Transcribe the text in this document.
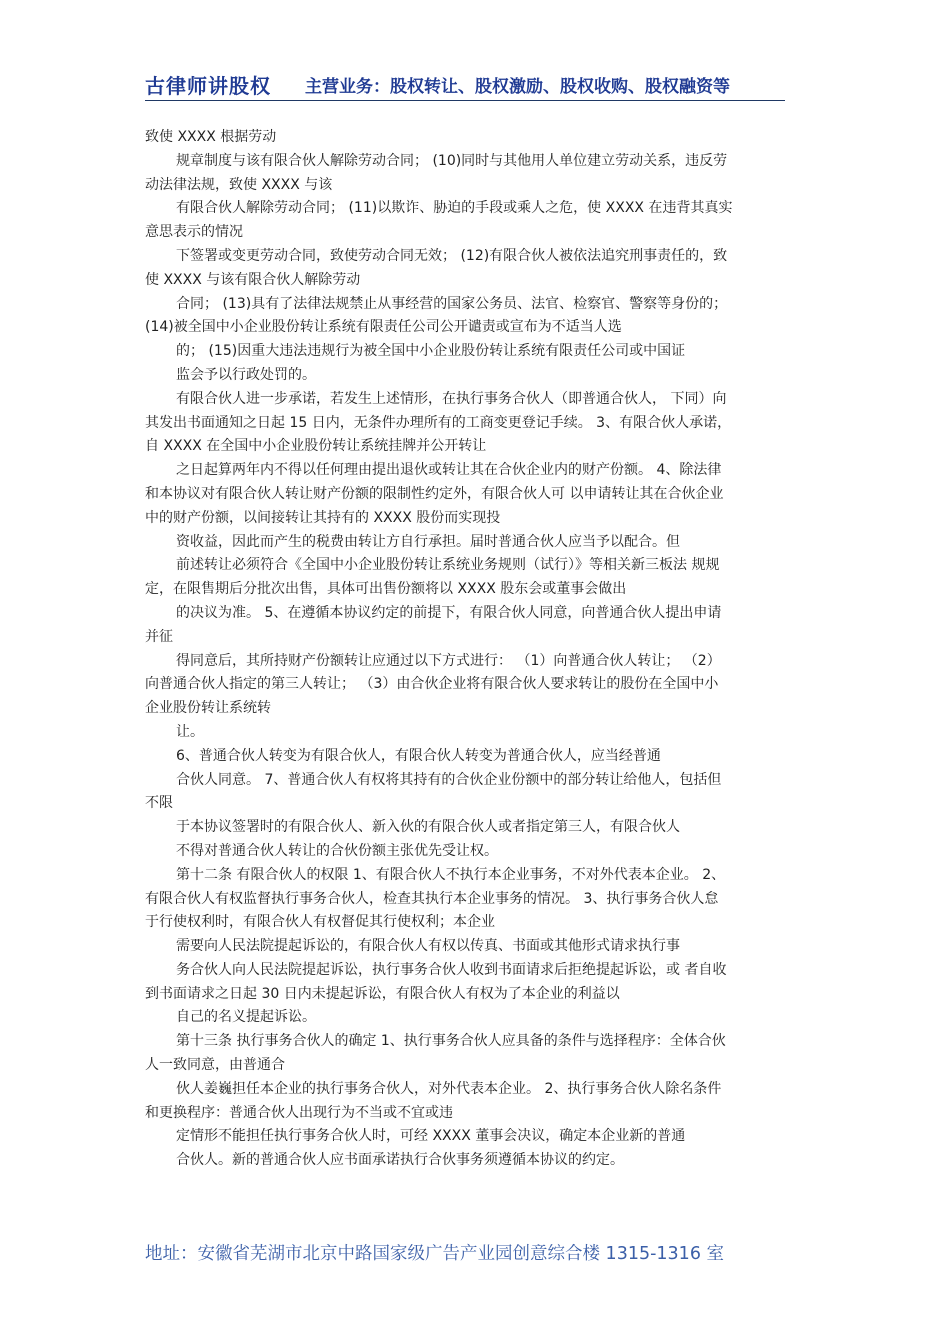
古律师讲股权 主营业务：股权转让、股权激励、股权收购、股权融资等

致使 XXXX 根据劳动

规章制度与该有限合伙人解除劳动合同； (10)同时与其他用人单位建立劳动关系，违反劳

动法律法规，致使 XXXX 与该

有限合伙人解除劳动合同； (11)以欺诈、胁迫的手段或乘人之危，使 XXXX 在违背其真实

意思表示的情况

下签署或变更劳动合同，致使劳动合同无效； (12)有限合伙人被依法追究刑事责任的，致

使 XXXX 与该有限合伙人解除劳动

合同； (13)具有了法律法规禁止从事经营的国家公务员、法官、检察官、警察等身份的；

(14)被全国中小企业股份转让系统有限责任公司公开谴责或宣布为不适当人选

的； (15)因重大违法违规行为被全国中小企业股份转让系统有限责任公司或中国证

监会予以行政处罚的。

有限合伙人进一步承诺，若发生上述情形，在执行事务合伙人（即普通合伙人， 下同）向

其发出书面通知之日起 15 日内，无条件办理所有的工商变更登记手续。 3、有限合伙人承诺，

自 XXXX 在全国中小企业股份转让系统挂牌并公开转让

之日起算两年内不得以任何理由提出退伙或转让其在合伙企业内的财产份额。 4、除法律

和本协议对有限合伙人转让财产份额的限制性约定外，有限合伙人可 以申请转让其在合伙企业

中的财产份额，以间接转让其持有的 XXXX 股份而实现投

资收益，因此而产生的税费由转让方自行承担。届时普通合伙人应当予以配合。但

前述转让必须符合《全国中小企业股份转让系统业务规则（试行）》等相关新三板法 规规

定，在限售期后分批次出售，具体可出售份额将以 XXXX 股东会或董事会做出

的决议为准。 5、在遵循本协议约定的前提下，有限合伙人同意，向普通合伙人提出申请

并征

得同意后，其所持财产份额转让应通过以下方式进行： （1）向普通合伙人转让； （2）

向普通合伙人指定的第三人转让； （3）由合伙企业将有限合伙人要求转让的股份在全国中小

企业股份转让系统转

让。

6、普通合伙人转变为有限合伙人，有限合伙人转变为普通合伙人，应当经普通

合伙人同意。 7、普通合伙人有权将其持有的合伙企业份额中的部分转让给他人，包括但

不限

于本协议签署时的有限合伙人、新入伙的有限合伙人或者指定第三人，有限合伙人

不得对普通合伙人转让的合伙份额主张优先受让权。

第十二条 有限合伙人的权限 1、有限合伙人不执行本企业事务，不对外代表本企业。 2、

有限合伙人有权监督执行事务合伙人，检查其执行本企业事务的情况。 3、执行事务合伙人怠

于行使权利时，有限合伙人有权督促其行使权利；本企业

需要向人民法院提起诉讼的，有限合伙人有权以传真、书面或其他形式请求执行事

务合伙人向人民法院提起诉讼，执行事务合伙人收到书面请求后拒绝提起诉讼，或 者自收

到书面请求之日起 30 日内未提起诉讼，有限合伙人有权为了本企业的利益以

自己的名义提起诉讼。

第十三条 执行事务合伙人的确定 1、执行事务合伙人应具备的条件与选择程序：全体合伙

人一致同意，由普通合

伙人姜巍担任本企业的执行事务合伙人，对外代表本企业。 2、执行事务合伙人除名条件

和更换程序：普通合伙人出现行为不当或不宜或违

定情形不能担任执行事务合伙人时，可经 XXXX 董事会决议，确定本企业新的普通

合伙人。新的普通合伙人应书面承诺执行合伙事务须遵循本协议的约定。

地址：安徽省芜湖市北京中路国家级广告产业园创意综合楼 1315-1316 室
